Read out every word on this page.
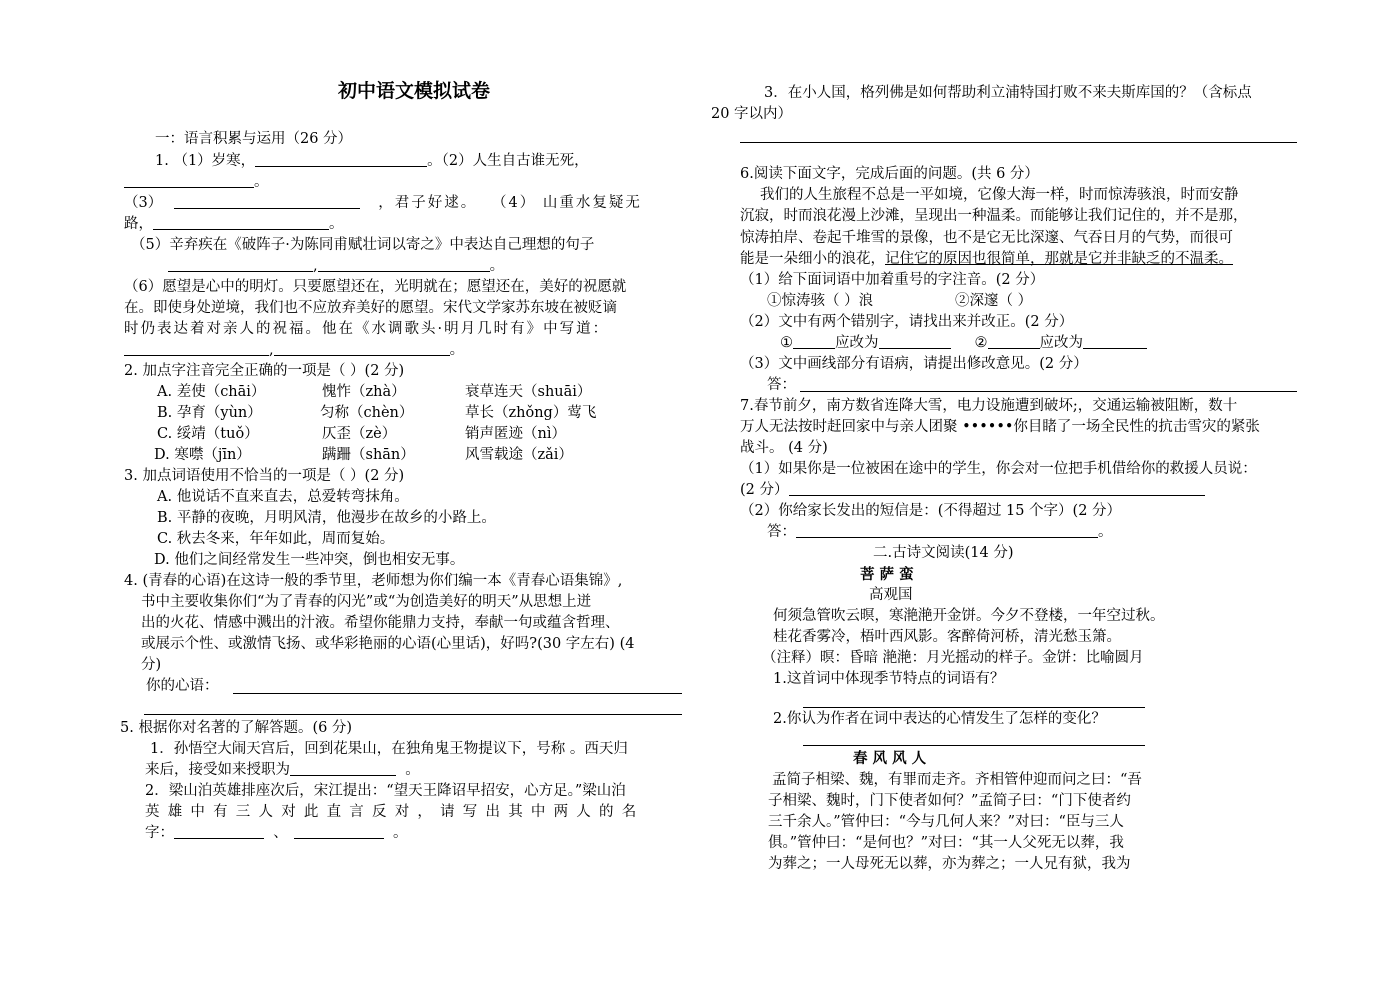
初中语文模拟试卷
一：语言积累与运用（26 分）
1. （1）岁寒，	。（2）人生自古谁无死，
。
（3）	，君子好逑。 （4） 山重水复疑无
路，	。
（5）辛弃疾在《破阵子·为陈同甫赋壮词以寄之》中表达自己理想的句子
,	。
（6）愿望是心中的明灯。只要愿望还在，光明就在；愿望还在，美好的祝愿就
在。即使身处逆境，我们也不应放弃美好的愿望。宋代文学家苏东坡在被贬谪
时仍表达着对亲人的祝福。他在《水调歌头·明月几时有》中写道：
,	。
2. 加点字注音完全正确的一项是（ ）(2 分)
A. 差使（chāi）	愧怍（zhà）	衰草连天（shuāi）
B. 孕育（yùn）	匀称（chèn）	草长（zhǒng）莺飞
C. 绥靖（tuǒ）	仄歪（zè）	销声匿迹（nì）
D. 寒噤（jīn）	蹒跚（shān）	风雪载途（zǎi）
3. 加点词语使用不恰当的一项是（ ）(2 分)
A. 他说话不直来直去，总爱转弯抹角。
B. 平静的夜晚，月明风清，他漫步在故乡的小路上。
C. 秋去冬来，年年如此，周而复始。
D. 他们之间经常发生一些冲突，倒也相安无事。
4. (青春的心语)在这诗一般的季节里，老师想为你们编一本《青春心语集锦》,
书中主要收集你们“为了青春的闪光”或“为创造美好的明天”从思想上迸
出的火花、情感中溅出的汁液。希望你能鼎力支持，奉献一句或蕴含哲理、
或展示个性、或激情飞扬、或华彩艳丽的心语(心里话)，好吗?(30 字左右) (4
分)
你的心语：
5. 根据你对名著的了解答题。(6 分)
1．孙悟空大闹天宫后，回到花果山，在独角鬼王物提议下，号称 。西天归
来后，接受如来授职为	。
2．梁山泊英雄排座次后，宋江提出：“望天王降诏早招安，心方足。”梁山泊
英雄中有三人对此直言反对，请写出其中两人的名
字：	、	。
3．在小人国，格列佛是如何帮助利立浦特国打败不来夫斯库国的？（含标点
20 字以内）
6.阅读下面文字，完成后面的问题。(共 6 分）
我们的人生旅程不总是一平如境，它像大海一样，时而惊涛骇浪，时而安静
沉寂，时而浪花漫上沙滩，呈现出一种温柔。而能够让我们记住的，并不是那，
惊涛拍岸、卷起千堆雪的景像，也不是它无比深邃、气吞日月的气势，而很可
能是一朵细小的浪花，记住它的原因也很简单，那就是它并非缺乏的不温柔。
（1）给下面词语中加着重号的字注音。(2 分）
①惊涛骇（ ）浪	②深邃（ ）
（2）文中有两个错别字，请找出来并改正。(2 分）
①	应改为	②	应改为
（3）文中画线部分有语病，请提出修改意见。(2 分）
答：
7.春节前夕，南方数省连降大雪，电力设施遭到破坏;，交通运输被阻断，数十
万人无法按时赶回家中与亲人团聚 ••••••你目睹了一场全民性的抗击雪灾的紧张
战斗。 (4 分)
（1）如果你是一位被困在途中的学生，你会对一位把手机借给你的救援人员说：
(2 分）
（2）你给家长发出的短信是：(不得超过 15 个字）(2 分）
答：	。
二.古诗文阅读(14 分)
菩 萨 蛮
高观国
何须急管吹云暝，寒滟滟开金饼。今夕不登楼，一年空过秋。
桂花香雾冷，梧叶西风影。客醉倚河桥，清光愁玉箫。
（注释）暝：昏暗 滟滟：月光摇动的样子。金饼：比喻圆月
1.这首词中体现季节特点的词语有？
2.你认为作者在词中表达的心情发生了怎样的变化？
春 风 风 人
孟简子相梁、魏，有罪而走齐。齐相管仲迎而问之曰：“吾
子相梁、魏时，门下使者如何？”孟简子曰：“门下使者约
三千余人。”管仲曰：“今与几何人来？”对曰：“臣与三人
俱。”管仲曰：“是何也？”对曰：“其一人父死无以葬，我
为葬之；一人母死无以葬，亦为葬之；一人兄有狱，我为
